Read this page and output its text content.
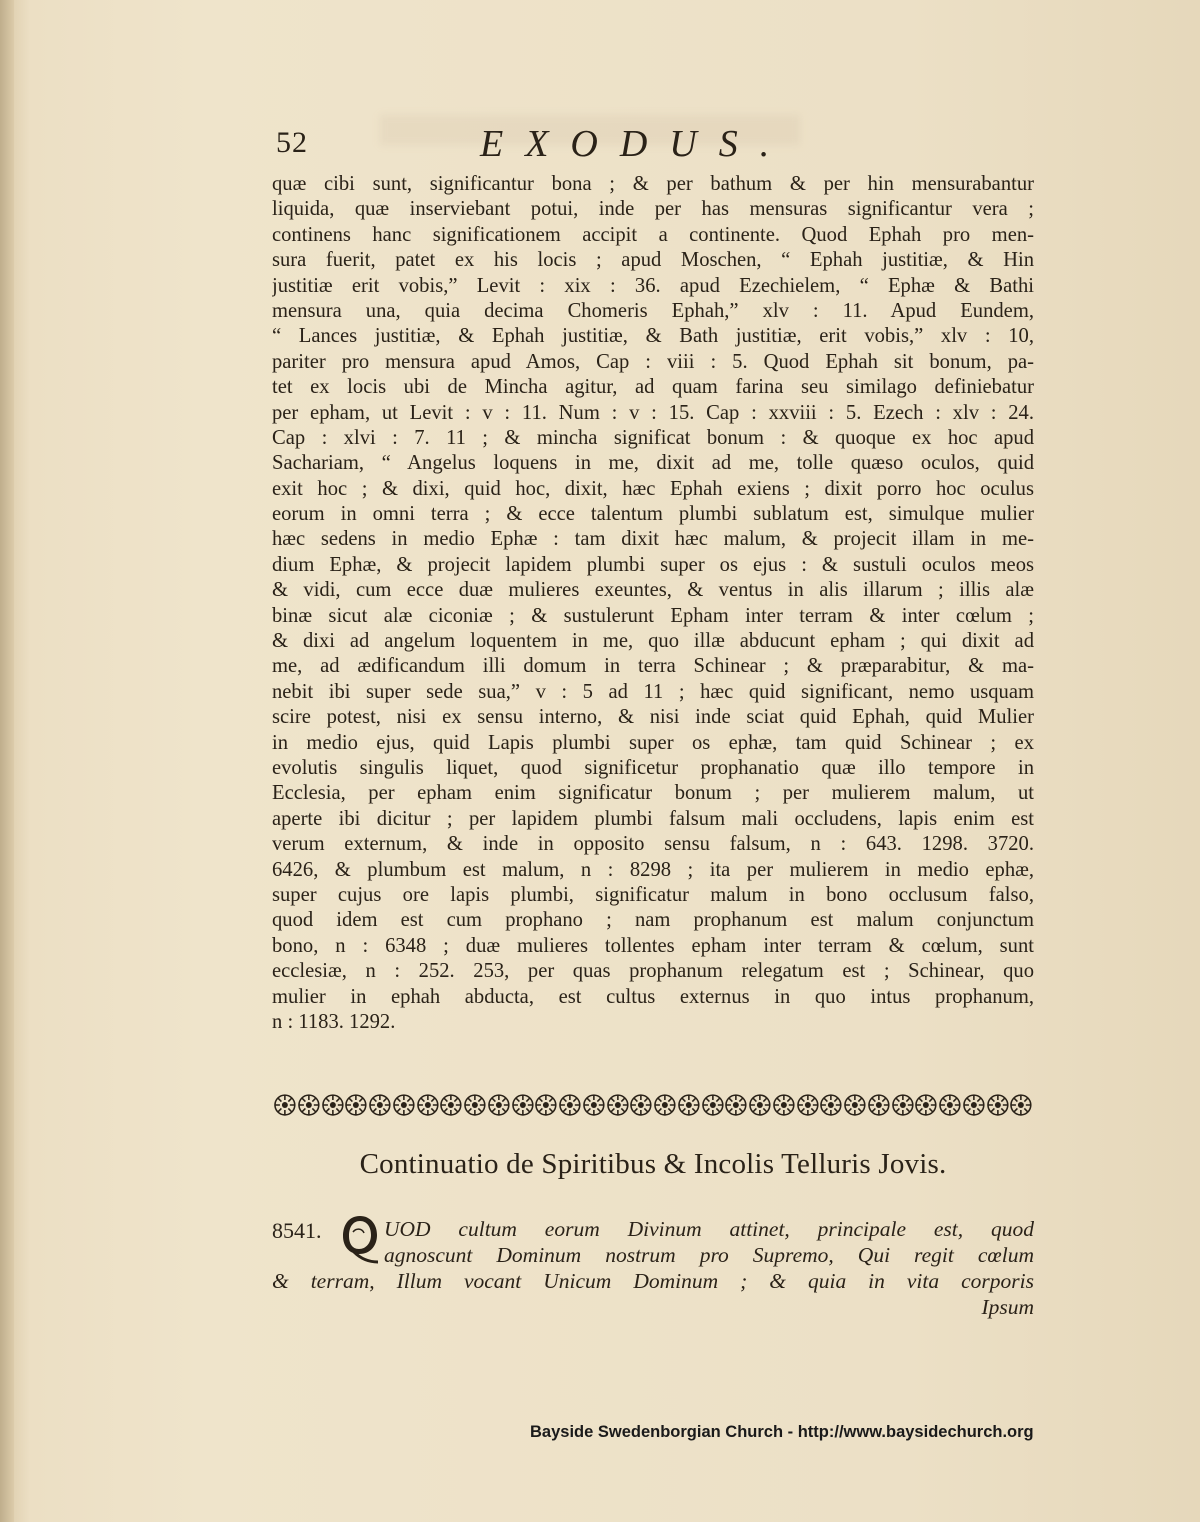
52	EXODUS.
quæ cibi sunt, significantur bona ; & per bathum & per hin mensurabantur
liquida, quæ inserviebant potui, inde per has mensuras significantur vera ;
continens hanc significationem accipit a continente. Quod Ephah pro men-
sura fuerit, patet ex his locis ; apud Moschen, “ Ephah justitiæ, & Hin
justitiæ erit vobis,” Levit : xix : 36. apud Ezechielem, “ Ephæ & Bathi
mensura una, quia decima Chomeris Ephah,” xlv : 11. Apud Eundem,
“ Lances justitiæ, & Ephah justitiæ, & Bath justitiæ, erit vobis,” xlv : 10,
pariter pro mensura apud Amos, Cap : viii : 5. Quod Ephah sit bonum, pa-
tet ex locis ubi de Mincha agitur, ad quam farina seu similago definiebatur
per epham, ut Levit : v : 11. Num : v : 15. Cap : xxviii : 5. Ezech : xlv : 24.
Cap : xlvi : 7. 11 ; & mincha significat bonum : & quoque ex hoc apud
Sachariam, “ Angelus loquens in me, dixit ad me, tolle quæso oculos, quid
exit hoc ; & dixi, quid hoc, dixit, hæc Ephah exiens ; dixit porro hoc oculus
eorum in omni terra ; & ecce talentum plumbi sublatum est, simulque mulier
hæc sedens in medio Ephæ : tam dixit hæc malum, & projecit illam in me-
dium Ephæ, & projecit lapidem plumbi super os ejus : & sustuli oculos meos
& vidi, cum ecce duæ mulieres exeuntes, & ventus in alis illarum ; illis alæ
binæ sicut alæ ciconiæ ; & sustulerunt Epham inter terram & inter cœlum ;
& dixi ad angelum loquentem in me, quo illæ abducunt epham ; qui dixit ad
me, ad ædificandum illi domum in terra Schinear ; & præparabitur, & ma-
nebit ibi super sede sua,” v : 5 ad 11 ; hæc quid significant, nemo usquam
scire potest, nisi ex sensu interno, & nisi inde sciat quid Ephah, quid Mulier
in medio ejus, quid Lapis plumbi super os ephæ, tam quid Schinear ; ex
evolutis singulis liquet, quod significetur prophanatio quæ illo tempore in
Ecclesia, per epham enim significatur bonum ; per mulierem malum, ut
aperte ibi dicitur ; per lapidem plumbi falsum mali occludens, lapis enim est
verum externum, & inde in opposito sensu falsum, n : 643. 1298. 3720.
6426, & plumbum est malum, n : 8298 ; ita per mulierem in medio ephæ,
super cujus ore lapis plumbi, significatur malum in bono occlusum falso,
quod idem est cum prophano ; nam prophanum est malum conjunctum
bono, n : 6348 ; duæ mulieres tollentes epham inter terram & cœlum, sunt
ecclesiæ, n : 252. 253, per quas prophanum relegatum est ; Schinear, quo
mulier in ephah abducta, est cultus externus in quo intus prophanum,
n : 1183. 1292.
Continuatio de Spiritibus & Incolis Telluris Jovis.
8541.	UOD cultum eorum Divinum attinet, principale est, quod
agnoscunt Dominum nostrum pro Supremo, Qui regit cœlum
& terram, Illum vocant Unicum Dominum ; & quia in vita corporis
Ipsum
Bayside Swedenborgian Church - http://www.baysidechurch.org
